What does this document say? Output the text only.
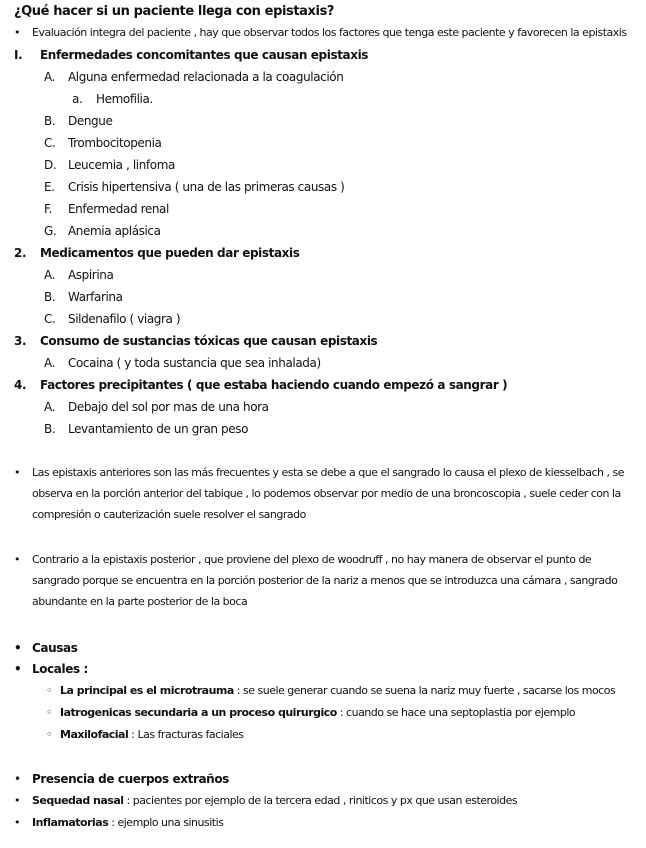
¿Qué hacer si un paciente llega con epistaxis?
• Evaluación integra del paciente , hay que observar todos los factores que tenga este paciente y favorecen la epistaxis
I. Enfermedades concomitantes que causan epistaxis
A. Alguna enfermedad relacionada a la coagulación
a. Hemofilia.
B. Dengue
C. Trombocitopenia
D. Leucemia , linfoma
E. Crisis hipertensiva ( una de las primeras causas )
F. Enfermedad renal
G. Anemia aplásica
2. Medicamentos que pueden dar epistaxis
A. Aspirina
B. Warfarina
C. Sildenafilo ( viagra )
3. Consumo de sustancias tóxicas que causan epistaxis
A. Cocaina ( y toda sustancia que sea inhalada)
4. Factores precipitantes ( que estaba haciendo cuando empezó a sangrar )
A. Debajo del sol por mas de una hora
B. Levantamiento de un gran peso
• Las epistaxis anteriores son las más frecuentes y esta se debe a que el sangrado lo causa el plexo de kiesselbach , se
observa en la porción anterior del tabique , lo podemos observar por medio de una broncoscopia , suele ceder con la
compresión o cauterización suele resolver el sangrado
• Contrario a la epistaxis posterior , que proviene del plexo de woodruff , no hay manera de observar el punto de
sangrado porque se encuentra en la porción posterior de la nariz a menos que se introduzca una cámara , sangrado
abundante en la parte posterior de la boca
• Causas
• Locales :
◦ La principal es el microtrauma : se suele generar cuando se suena la nariz muy fuerte , sacarse los mocos
◦ Iatrogenicas secundaria a un proceso quirurgico : cuando se hace una septoplastia por ejemplo
◦ Maxilofacial : Las fracturas faciales
• Presencia de cuerpos extraños
• Sequedad nasal : pacientes por ejemplo de la tercera edad , riniticos y px que usan esteroides
• Inflamatorias : ejemplo una sinusitis
